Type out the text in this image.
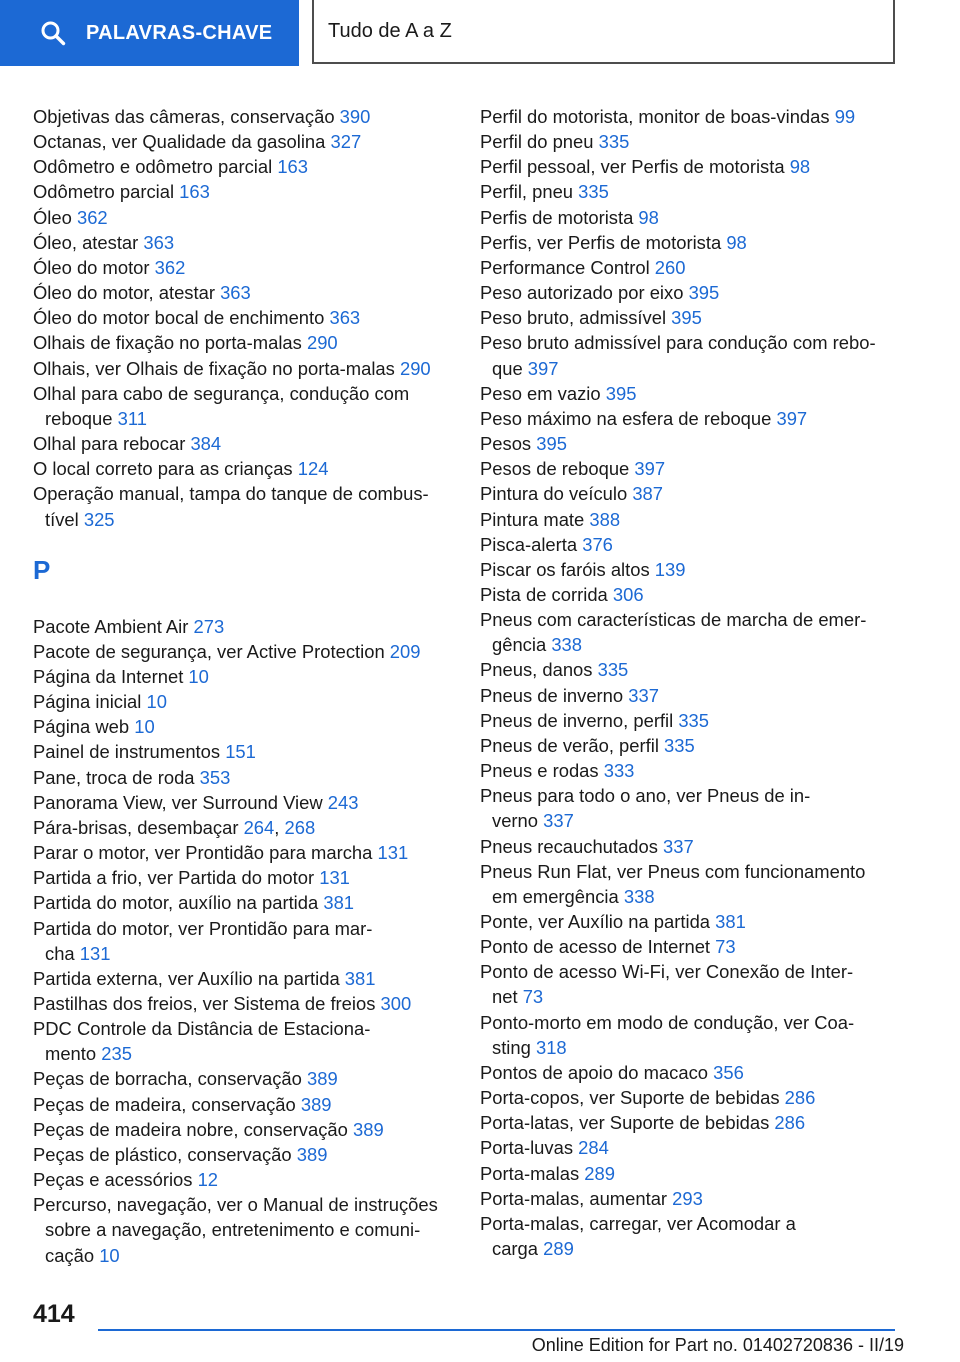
PALAVRAS-CHAVE	Tudo de A a Z
Objetivas das câmeras, conservação 390
Octanas, ver Qualidade da gasolina 327
Odômetro e odômetro parcial 163
Odômetro parcial 163
Óleo 362
Óleo, atestar 363
Óleo do motor 362
Óleo do motor, atestar 363
Óleo do motor bocal de enchimento 363
Olhais de fixação no porta-malas 290
Olhais, ver Olhais de fixação no porta-malas 290
Olhal para cabo de segurança, condução com
reboque 311
Olhal para rebocar 384
O local correto para as crianças 124
Operação manual, tampa do tanque de combus-
tível 325
P
Pacote Ambient Air 273
Pacote de segurança, ver Active Protection 209
Página da Internet 10
Página inicial 10
Página web 10
Painel de instrumentos 151
Pane, troca de roda 353
Panorama View, ver Surround View 243
Pára-brisas, desembaçar 264, 268
Parar o motor, ver Prontidão para marcha 131
Partida a frio, ver Partida do motor 131
Partida do motor, auxílio na partida 381
Partida do motor, ver Prontidão para mar-
cha 131
Partida externa, ver Auxílio na partida 381
Pastilhas dos freios, ver Sistema de freios 300
PDC Controle da Distância de Estaciona-
mento 235
Peças de borracha, conservação 389
Peças de madeira, conservação 389
Peças de madeira nobre, conservação 389
Peças de plástico, conservação 389
Peças e acessórios 12
Percurso, navegação, ver o Manual de instruções
sobre a navegação, entretenimento e comuni-
cação 10
Perfil do motorista, monitor de boas-vindas 99
Perfil do pneu 335
Perfil pessoal, ver Perfis de motorista 98
Perfil, pneu 335
Perfis de motorista 98
Perfis, ver Perfis de motorista 98
Performance Control 260
Peso autorizado por eixo 395
Peso bruto, admissível 395
Peso bruto admissível para condução com rebo-
que 397
Peso em vazio 395
Peso máximo na esfera de reboque 397
Pesos 395
Pesos de reboque 397
Pintura do veículo 387
Pintura mate 388
Pisca-alerta 376
Piscar os faróis altos 139
Pista de corrida 306
Pneus com características de marcha de emer-
gência 338
Pneus, danos 335
Pneus de inverno 337
Pneus de inverno, perfil 335
Pneus de verão, perfil 335
Pneus e rodas 333
Pneus para todo o ano, ver Pneus de in-
verno 337
Pneus recauchutados 337
Pneus Run Flat, ver Pneus com funcionamento
em emergência 338
Ponte, ver Auxílio na partida 381
Ponto de acesso de Internet 73
Ponto de acesso Wi-Fi, ver Conexão de Inter-
net 73
Ponto-morto em modo de condução, ver Coa-
sting 318
Pontos de apoio do macaco 356
Porta-copos, ver Suporte de bebidas 286
Porta-latas, ver Suporte de bebidas 286
Porta-luvas 284
Porta-malas 289
Porta-malas, aumentar 293
Porta-malas, carregar, ver Acomodar a
carga 289
414
Online Edition for Part no. 01402720836 - II/19
